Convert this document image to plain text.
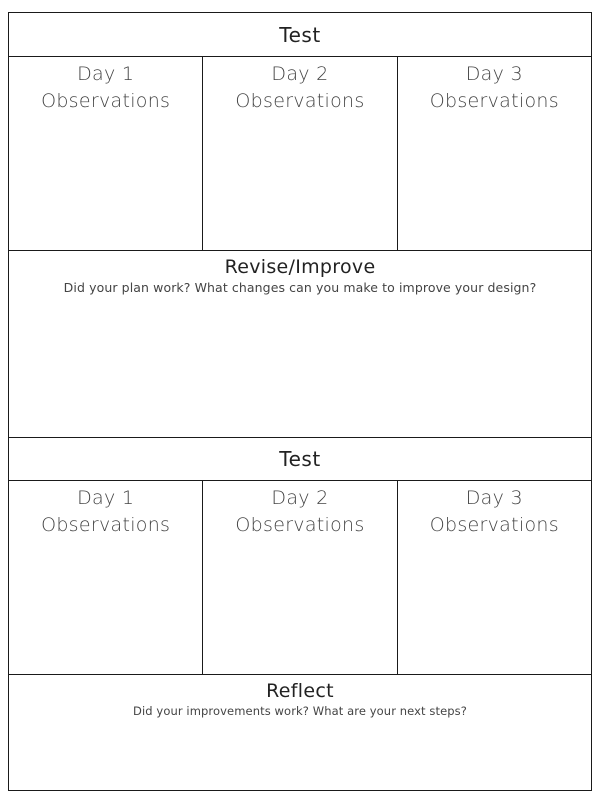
Test
Day 1
Observations
Day 2
Observations
Day 3
Observations
Revise/Improve
Did your plan work? What changes can you make to improve your design?
Test
Day 1
Observations
Day 2
Observations
Day 3
Observations
Reflect
Did your improvements work? What are your next steps?
